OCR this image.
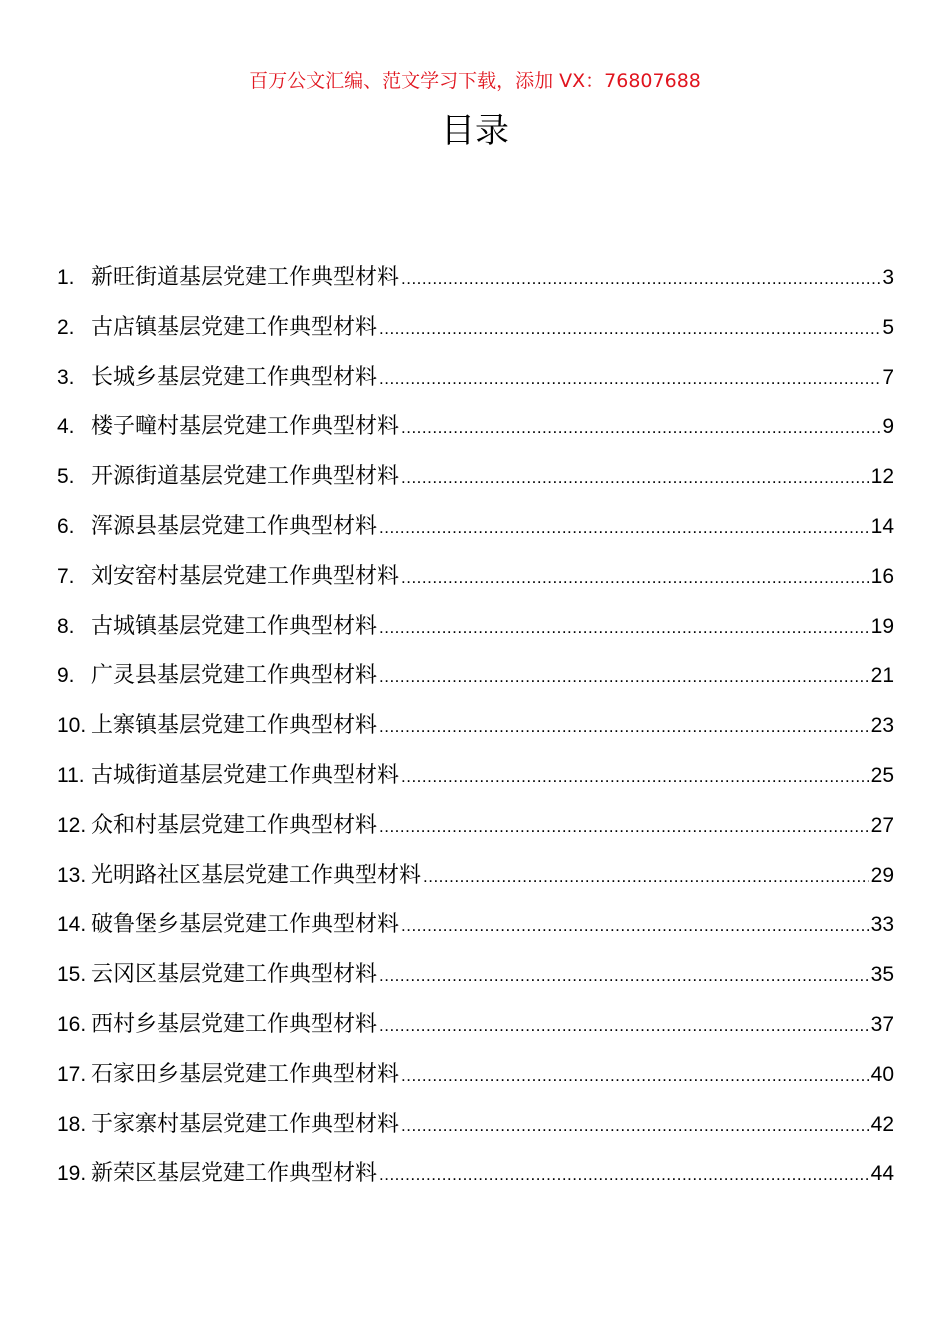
百万公文汇编、范文学习下载，添加 VX：76807688
目录
1. 新旺街道基层党建工作典型材料 .....	3
2. 古店镇基层党建工作典型材料 .....	5
3. 长城乡基层党建工作典型材料 .....	7
4. 楼子疃村基层党建工作典型材料 .....	9
5. 开源街道基层党建工作典型材料 .....	12
6. 浑源县基层党建工作典型材料 .....	14
7. 刘安窑村基层党建工作典型材料 .....	16
8. 古城镇基层党建工作典型材料 .....	19
9. 广灵县基层党建工作典型材料 .....	21
10. 上寨镇基层党建工作典型材料 .....	23
11. 古城街道基层党建工作典型材料 .....	25
12. 众和村基层党建工作典型材料 .....	27
13. 光明路社区基层党建工作典型材料 .....	29
14. 破鲁堡乡基层党建工作典型材料 .....	33
15. 云冈区基层党建工作典型材料 .....	35
16. 西村乡基层党建工作典型材料 .....	37
17. 石家田乡基层党建工作典型材料 .....	40
18. 于家寨村基层党建工作典型材料 .....	42
19. 新荣区基层党建工作典型材料 .....	44
